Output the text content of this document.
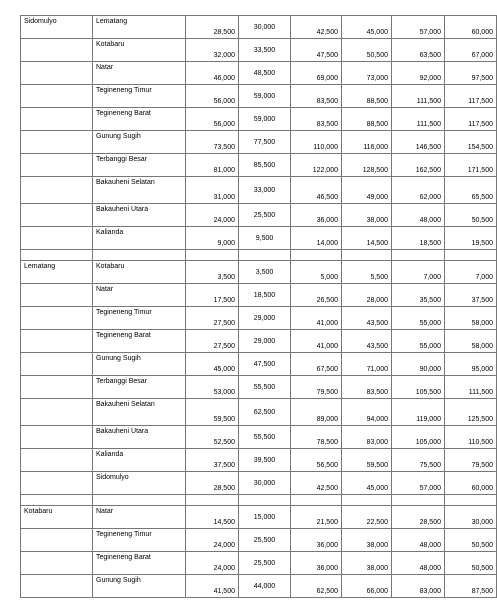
Sidomulyo	Lematang	28,500	30,000	42,500	45,000	57,000	60,000
	Kotabaru	32,000	33,500	47,500	50,500	63,500	67,000
	Natar	46,000	48,500	69,000	73,000	92,000	97,500
	Tegineneng Timur	56,000	59,000	83,500	88,500	111,500	117,500
	Tegineneng Barat	56,000	59,000	83,500	88,500	111,500	117,500
	Gunung Sugih	73,500	77,500	110,000	116,000	146,500	154,500
	Terbanggi Besar	81,000	85,500	122,000	128,500	162,500	171,500
	Bakauheni Selatan	31,000	33,000	46,500	49,000	62,000	65,500
	Bakauheni Utara	24,000	25,500	36,000	38,000	48,000	50,500
	Kalianda	9,000	9,500	14,000	14,500	18,500	19,500

Lematang	Kotabaru	3,500	3,500	5,000	5,500	7,000	7,000
	Natar	17,500	18,500	26,500	28,000	35,500	37,500
	Tegineneng Timur	27,500	29,000	41,000	43,500	55,000	58,000
	Tegineneng Barat	27,500	29,000	41,000	43,500	55,000	58,000
	Gunung Sugih	45,000	47,500	67,500	71,000	90,000	95,000
	Terbanggi Besar	53,000	55,500	79,500	83,500	105,500	111,500
	Bakauheni Selatan	59,500	62,500	89,000	94,000	119,000	125,500
	Bakauheni Utara	52,500	55,500	78,500	83,000	105,000	110,500
	Kalianda	37,500	39,500	56,500	59,500	75,500	79,500
	Sidomulyo	28,500	30,000	42,500	45,000	57,000	60,000

Kotabaru	Natar	14,500	15,000	21,500	22,500	28,500	30,000
	Tegineneng Timur	24,000	25,500	36,000	38,000	48,000	50,500
	Tegineneng Barat	24,000	25,500	36,000	38,000	48,000	50,500
	Gunung Sugih	41,500	44,000	62,500	66,000	83,000	87,500
